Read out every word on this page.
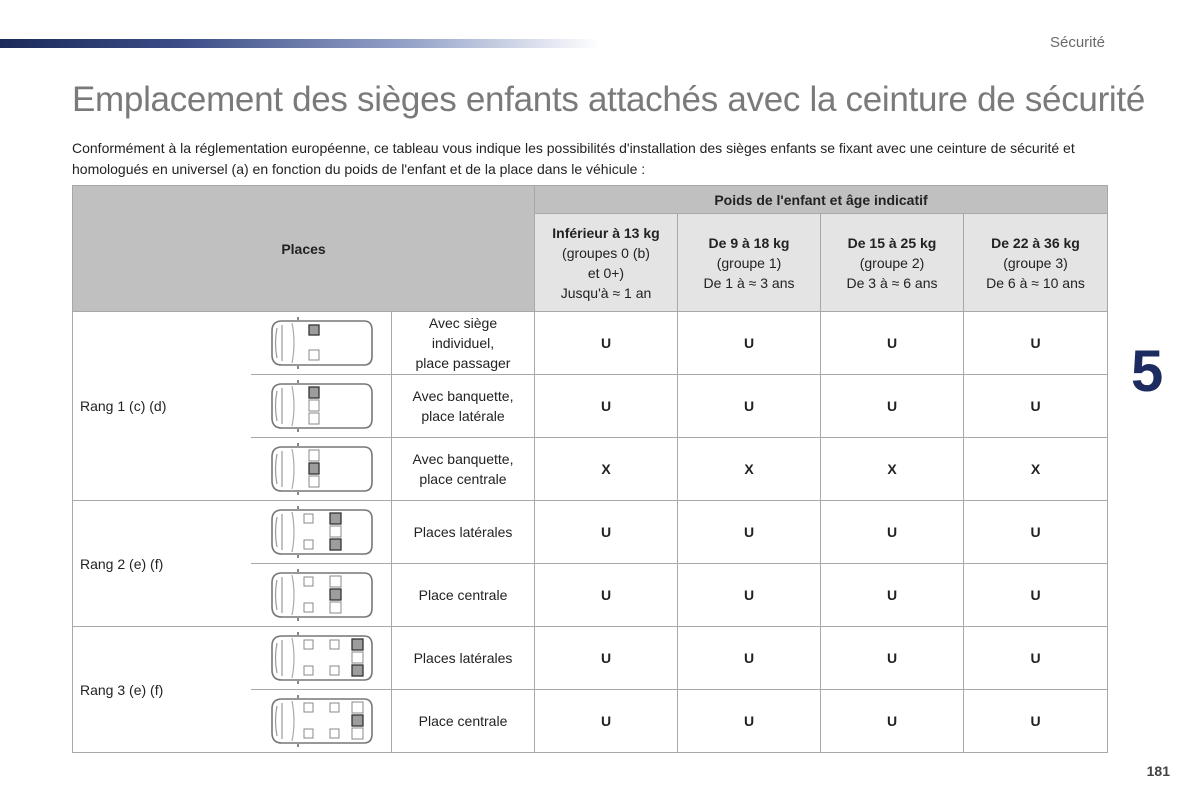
Sécurité
Emplacement des sièges enfants attachés avec la ceinture de sécurité

Conformément à la réglementation européenne, ce tableau vous indique les possibilités d'installation des sièges enfants se fixant avec une ceinture de sécurité et homologués en universel (a) en fonction du poids de l'enfant et de la place dans le véhicule :

5
181
Places			Poids de l'enfant et âge indicatif			

			Inférieur à 13 kg
(groupes 0 (b)
et 0+)
Jusqu'à ≈ 1 an	De 9 à 18 kg
(groupe 1)
De 1 à ≈ 3 ans	De 15 à 25 kg
(groupe 2)
De 3 à ≈ 6 ans	De 22 à 36 kg
(groupe 3)
De 6 à ≈ 10 ans

Rang 1 (c) (d)		Avec siège
individuel,
place passager	U	U	U	U

Avec banquette,
place latérale	U	U	U	U

Avec banquette,
place centrale	X	X	X	X
Rang 2 (e) (f)		Places latérales	U	U	U	U

	Place centrale	U	U	U	U
Rang 3 (e) (f)		Places latérales	U	U	U	U

	Place centrale	U	U	U	U
